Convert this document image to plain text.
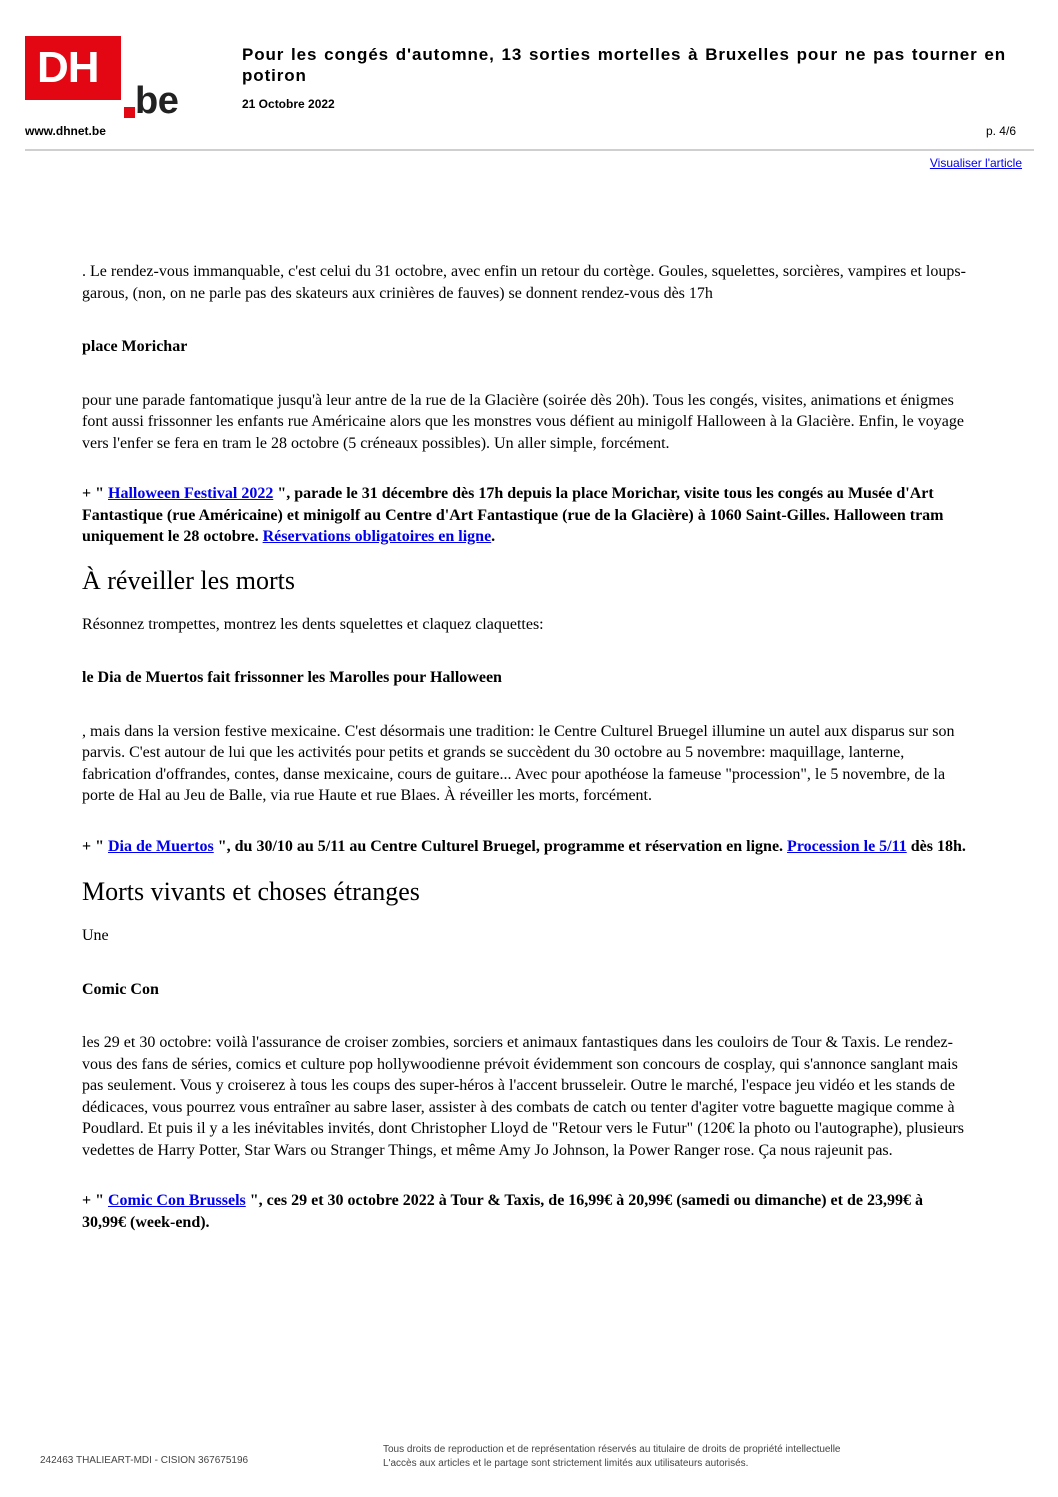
DH
be
Pour les congés d'automne, 13 sorties mortelles à Bruxelles pour ne pas tourner en potiron
21 Octobre 2022
www.dhnet.be	p. 4/6
Visualiser l'article

. Le rendez-vous immanquable, c'est celui du 31 octobre, avec enfin un retour du cortège. Goules, squelettes, sorcières, vampires et loups-garous, (non, on ne parle pas des skateurs aux crinières de fauves) se donnent rendez-vous dès 17h

place Morichar

pour une parade fantomatique jusqu'à leur antre de la rue de la Glacière (soirée dès 20h). Tous les congés, visites, animations et énigmes font aussi frissonner les enfants rue Américaine alors que les monstres vous défient au minigolf Halloween à la Glacière. Enfin, le voyage vers l'enfer se fera en tram le 28 octobre (5 créneaux possibles). Un aller simple, forcément.

+ " Halloween Festival 2022 ", parade le 31 décembre dès 17h depuis la place Morichar, visite tous les congés au Musée d'Art Fantastique (rue Américaine) et minigolf au Centre d'Art Fantastique (rue de la Glacière) à 1060 Saint-Gilles. Halloween tram uniquement le 28 octobre. Réservations obligatoires en ligne.

À réveiller les morts

Résonnez trompettes, montrez les dents squelettes et claquez claquettes:

le Dia de Muertos fait frissonner les Marolles pour Halloween

, mais dans la version festive mexicaine. C'est désormais une tradition: le Centre Culturel Bruegel illumine un autel aux disparus sur son parvis. C'est autour de lui que les activités pour petits et grands se succèdent du 30 octobre au 5 novembre: maquillage, lanterne, fabrication d'offrandes, contes, danse mexicaine, cours de guitare... Avec pour apothéose la fameuse "procession", le 5 novembre, de la porte de Hal au Jeu de Balle, via rue Haute et rue Blaes. À réveiller les morts, forcément.

+ " Dia de Muertos ", du 30/10 au 5/11 au Centre Culturel Bruegel, programme et réservation en ligne. Procession le 5/11 dès 18h.

Morts vivants et choses étranges

Une

Comic Con

les 29 et 30 octobre: voilà l'assurance de croiser zombies, sorciers et animaux fantastiques dans les couloirs de Tour & Taxis. Le rendez-vous des fans de séries, comics et culture pop hollywoodienne prévoit évidemment son concours de cosplay, qui s'annonce sanglant mais pas seulement. Vous y croiserez à tous les coups des super-héros à l'accent brusseleir. Outre le marché, l'espace jeu vidéo et les stands de dédicaces, vous pourrez vous entraîner au sabre laser, assister à des combats de catch ou tenter d'agiter votre baguette magique comme à Poudlard. Et puis il y a les inévitables invités, dont Christopher Lloyd de "Retour vers le Futur" (120€ la photo ou l'autographe), plusieurs vedettes de Harry Potter, Star Wars ou Stranger Things, et même Amy Jo Johnson, la Power Ranger rose. Ça nous rajeunit pas.

+ " Comic Con Brussels ", ces 29 et 30 octobre 2022 à Tour & Taxis, de 16,99€ à 20,99€ (samedi ou dimanche) et de 23,99€ à 30,99€ (week-end).

242463 THALIEART-MDI - CISION 367675196
Tous droits de reproduction et de représentation réservés au titulaire de droits de propriété intellectuelle
L'accès aux articles et le partage sont strictement limités aux utilisateurs autorisés.
